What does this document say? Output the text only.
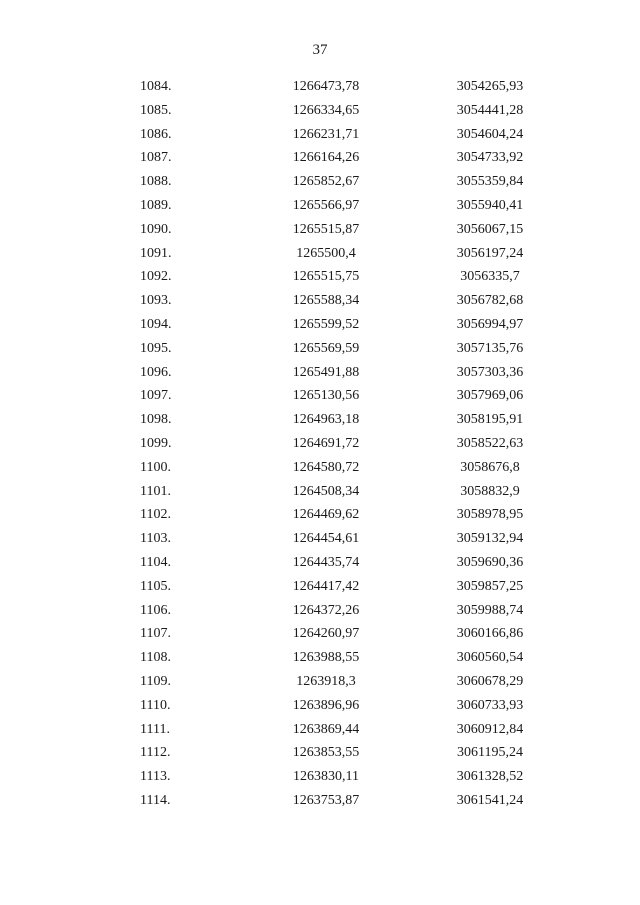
37
1084.	1266473,78	3054265,93
1085.	1266334,65	3054441,28
1086.	1266231,71	3054604,24
1087.	1266164,26	3054733,92
1088.	1265852,67	3055359,84
1089.	1265566,97	3055940,41
1090.	1265515,87	3056067,15
1091.	1265500,4	3056197,24
1092.	1265515,75	3056335,7
1093.	1265588,34	3056782,68
1094.	1265599,52	3056994,97
1095.	1265569,59	3057135,76
1096.	1265491,88	3057303,36
1097.	1265130,56	3057969,06
1098.	1264963,18	3058195,91
1099.	1264691,72	3058522,63
1100.	1264580,72	3058676,8
1101.	1264508,34	3058832,9
1102.	1264469,62	3058978,95
1103.	1264454,61	3059132,94
1104.	1264435,74	3059690,36
1105.	1264417,42	3059857,25
1106.	1264372,26	3059988,74
1107.	1264260,97	3060166,86
1108.	1263988,55	3060560,54
1109.	1263918,3	3060678,29
1110.	1263896,96	3060733,93
1111.	1263869,44	3060912,84
1112.	1263853,55	3061195,24
1113.	1263830,11	3061328,52
1114.	1263753,87	3061541,24
